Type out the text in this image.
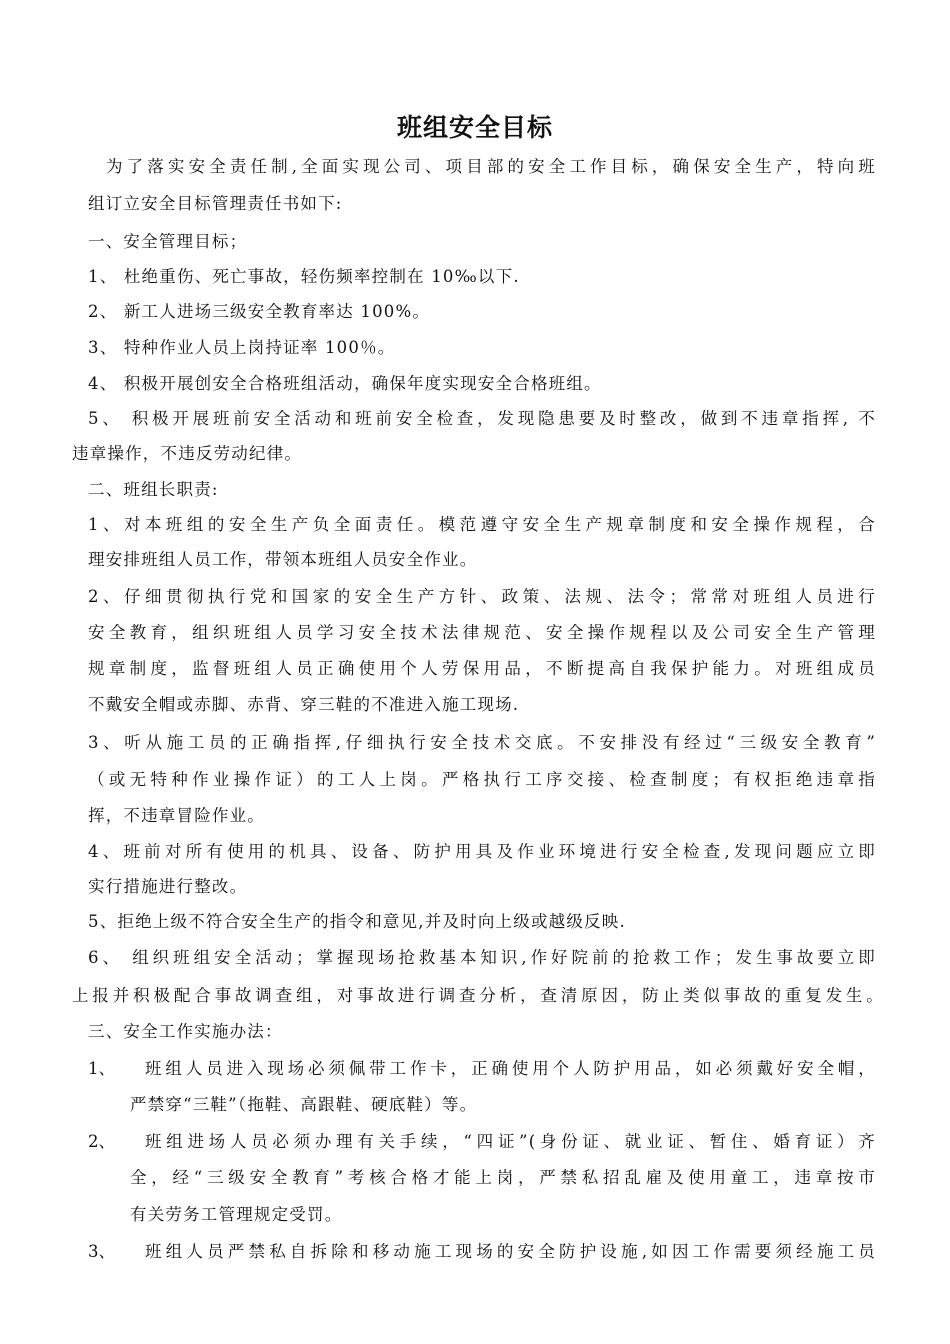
班组安全目标
为了落实安全责任制,全面实现公司、项目部的安全工作目标，确保安全生产，特向班
组订立安全目标管理责任书如下:
一、安全管理目标；
1、 杜绝重伤、死亡事故，轻伤频率控制在 10‰以下.
2、 新工人进场三级安全教育率达 100%。
3、 特种作业人员上岗持证率 100％。
4、 积极开展创安全合格班组活动，确保年度实现安全合格班组。
5、 积极开展班前安全活动和班前安全检查，发现隐患要及时整改，做到不违章指挥, 不
违章操作，不违反劳动纪律。
二、班组长职责:
1、对本班组的安全生产负全面责任。模范遵守安全生产规章制度和安全操作规程，合
理安排班组人员工作，带领本班组人员安全作业。
2、仔细贯彻执行党和国家的安全生产方针、政策、法规、法令；常常对班组人员进行
安全教育，组织班组人员学习安全技术法律规范、安全操作规程以及公司安全生产管理
规章制度，监督班组人员正确使用个人劳保用品，不断提高自我保护能力。对班组成员
不戴安全帽或赤脚、赤背、穿三鞋的不准进入施工现场.
3、听从施工员的正确指挥,仔细执行安全技术交底。不安排没有经过“三级安全教育”
（或无特种作业操作证）的工人上岗。严格执行工序交接、检查制度；有权拒绝违章指
挥，不违章冒险作业。
4、班前对所有使用的机具、设备、防护用具及作业环境进行安全检查,发现问题应立即
实行措施进行整改。
5、拒绝上级不符合安全生产的指令和意见,并及时向上级或越级反映.
6、 组织班组安全活动；掌握现场抢救基本知识,作好院前的抢救工作；发生事故要立即
上报并积极配合事故调查组，对事故进行调查分析，查清原因，防止类似事故的重复发生。
三、安全工作实施办法：
1、 班组人员进入现场必须佩带工作卡，正确使用个人防护用品，如必须戴好安全帽，
严禁穿“三鞋”（拖鞋、高跟鞋、硬底鞋）等。
2、 班组进场人员必须办理有关手续，“四证”(身份证、就业证、暂住、婚育证）齐
全，经“三级安全教育”考核合格才能上岗，严禁私招乱雇及使用童工，违章按市
有关劳务工管理规定受罚。
3、 班组人员严禁私自拆除和移动施工现场的安全防护设施,如因工作需要须经施工员
